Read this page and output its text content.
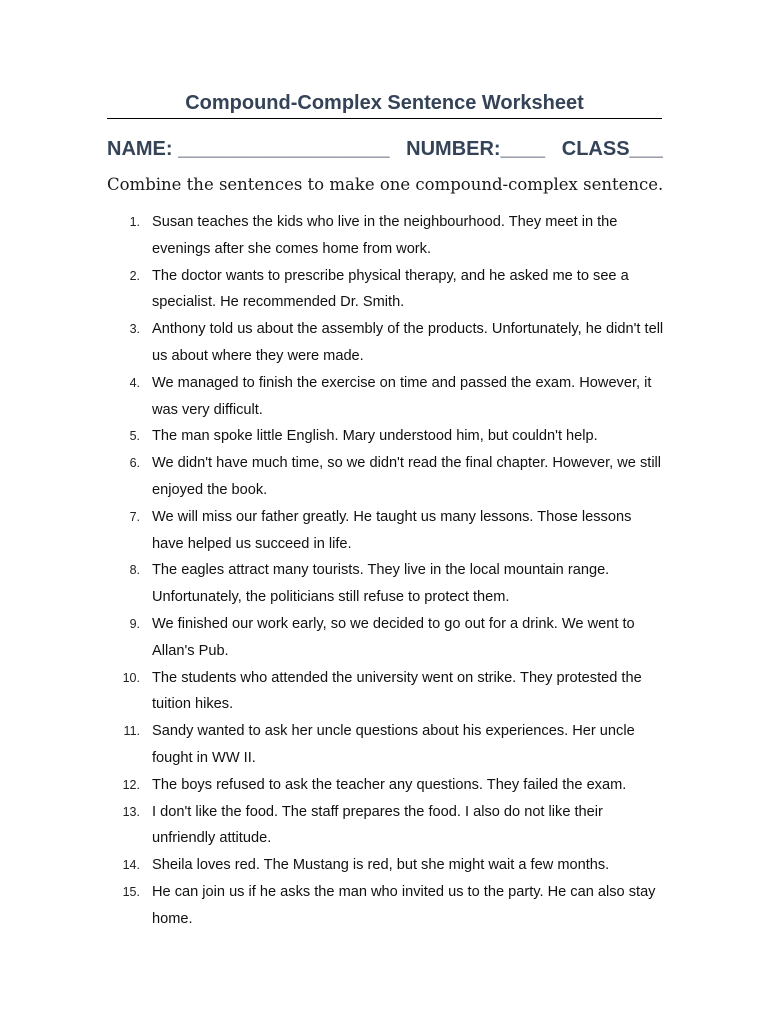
Compound-Complex Sentence Worksheet
NAME: ___________________ NUMBER:____ CLASS___
Combine the sentences to make one compound-complex sentence.
1. Susan teaches the kids who live in the neighbourhood. They meet in the evenings after she comes home from work.
2. The doctor wants to prescribe physical therapy, and he asked me to see a specialist. He recommended Dr. Smith.
3. Anthony told us about the assembly of the products. Unfortunately, he didn't tell us about where they were made.
4. We managed to finish the exercise on time and passed the exam. However, it was very difficult.
5. The man spoke little English. Mary understood him, but couldn't help.
6. We didn't have much time, so we didn't read the final chapter. However, we still enjoyed the book.
7. We will miss our father greatly. He taught us many lessons. Those lessons have helped us succeed in life.
8. The eagles attract many tourists. They live in the local mountain range. Unfortunately, the politicians still refuse to protect them.
9. We finished our work early, so we decided to go out for a drink. We went to Allan's Pub.
10. The students who attended the university went on strike. They protested the tuition hikes.
11. Sandy wanted to ask her uncle questions about his experiences. Her uncle fought in WW II.
12. The boys refused to ask the teacher any questions. They failed the exam.
13. I don't like the food. The staff prepares the food. I also do not like their unfriendly attitude.
14. Sheila loves red. The Mustang is red, but she might wait a few months.
15. He can join us if he asks the man who invited us to the party. He can also stay home.
